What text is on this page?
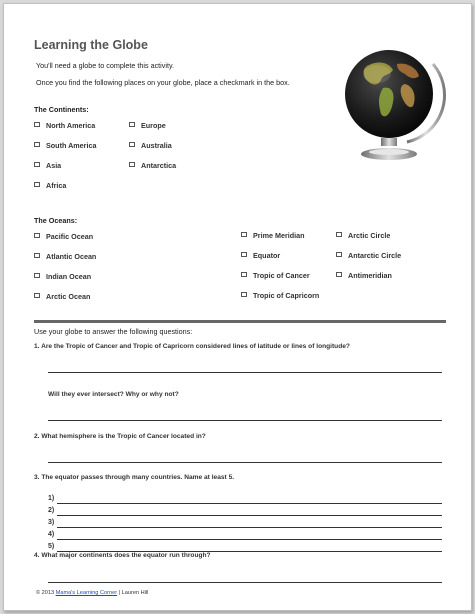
Learning the Globe
You'll need a globe to complete this activity.
Once you find the following places on your globe, place a checkmark in the box.
The Continents:
North America
South America
Asia
Africa
Europe
Australia
Antarctica
The Oceans:
Pacific Ocean
Atlantic Ocean
Indian Ocean
Arctic Ocean
Prime Meridian
Equator
Tropic of Cancer
Tropic of Capricorn
Arctic Circle
Antarctic Circle
Antimeridian
Use your globe to answer the following questions:
1. Are the Tropic of Cancer and Tropic of Capricorn considered lines of latitude or lines of longitude?
Will they ever intersect? Why or why not?
2. What hemisphere is the Tropic of Cancer located in?
3. The equator passes through many countries. Name at least 5.
1)
2)
3)
4)
5)
4. What major continents does the equator run through?
© 2013 Mama's Learning Corner | Lauren Hill
